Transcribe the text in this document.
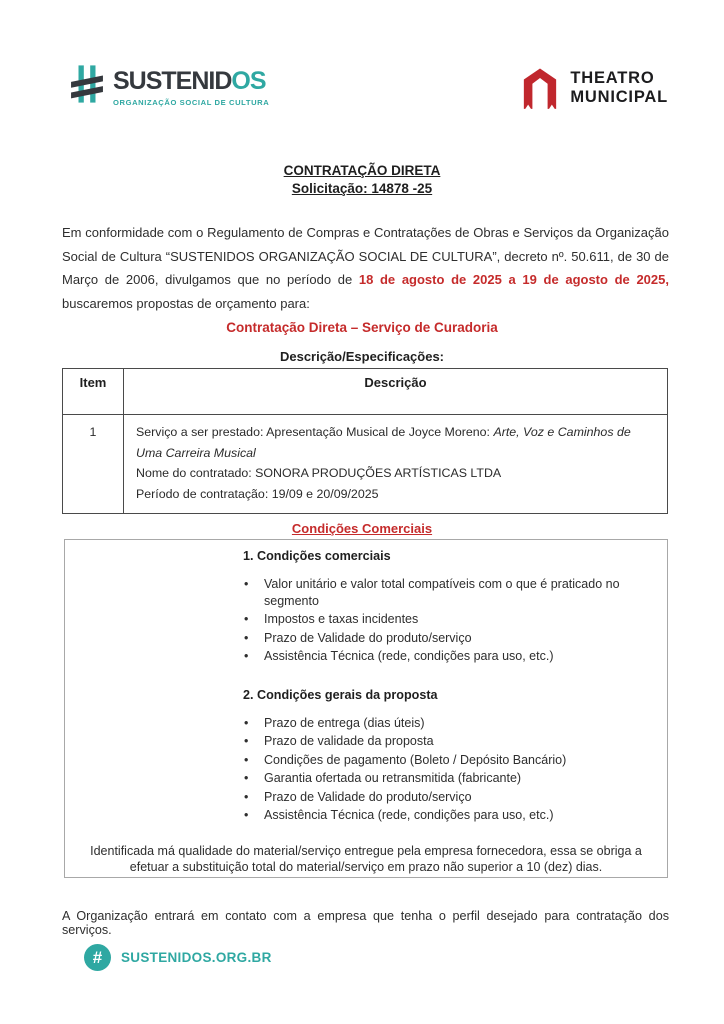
SUSTENIDOS
ORGANIZAÇÃO SOCIAL DE CULTURA
THEATRO
MUNICIPAL
CONTRATAÇÃO DIRETA
Solicitação: 14878 -25

Em conformidade com o Regulamento de Compras e Contratações de Obras e Serviços da Organização Social de Cultura “SUSTENIDOS ORGANIZAÇÃO SOCIAL DE CULTURA”, decreto nº. 50.611, de 30 de Março de 2006, divulgamos que no período de 18 de agosto de 2025 a 19 de agosto de 2025, buscaremos propostas de orçamento para:

Contratação Direta – Serviço de Curadoria
Descrição/Especificações:
Item	Descrição
1	Serviço a ser prestado: Apresentação Musical de Joyce Moreno: Arte, Voz e Caminhos de Uma Carreira Musical
Nome do contratado: SONORA PRODUÇÕES ARTÍSTICAS LTDA
Período de contratação: 19/09 e 20/09/2025
Condições Comerciais
1. Condições comerciais
• Valor unitário e valor total compatíveis com o que é praticado no segmento
• Impostos e taxas incidentes
• Prazo de Validade do produto/serviço
• Assistência Técnica (rede, condições para uso, etc.)
2. Condições gerais da proposta
• Prazo de entrega (dias úteis)
• Prazo de validade da proposta
• Condições de pagamento (Boleto / Depósito Bancário)
• Garantia ofertada ou retransmitida (fabricante)
• Prazo de Validade do produto/serviço
• Assistência Técnica (rede, condições para uso, etc.)
Identificada má qualidade do material/serviço entregue pela empresa fornecedora, essa se obriga a efetuar a substituição total do material/serviço em prazo não superior a 10 (dez) dias.

A Organização entrará em contato com a empresa que tenha o perfil desejado para contratação dos serviços.

#	SUSTENIDOS.ORG.BR
